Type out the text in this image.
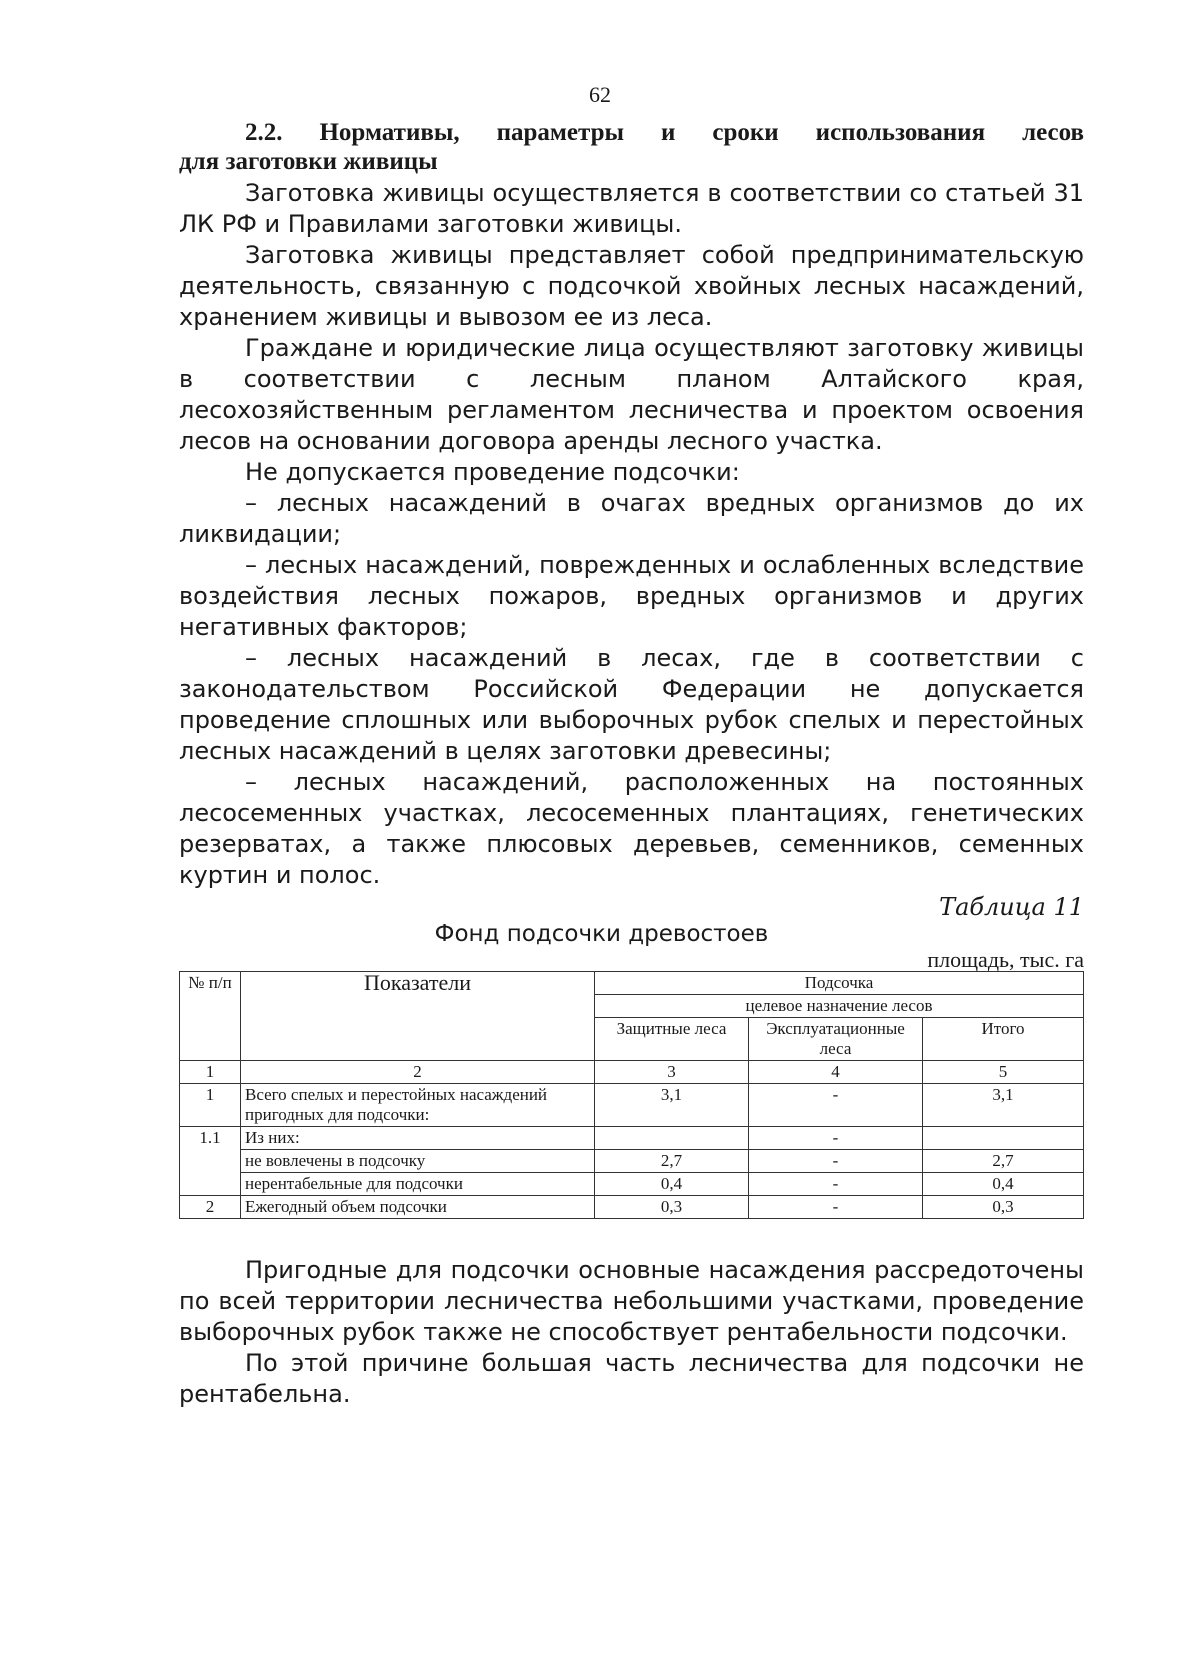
62
2.2. Нормативы, параметры и сроки использования лесов
для заготовки живицы

Заготовка живицы осуществляется в соответствии со статьей 31 ЛК РФ и Правилами заготовки живицы.

Заготовка живицы представляет собой предпринимательскую деятельность, связанную с подсочкой хвойных лесных насаждений, хранением живицы и вывозом ее из леса.

Граждане и юридические лица осуществляют заготовку живицы в соответствии с лесным планом Алтайского края, лесохозяйственным регламентом лесничества и проектом освоения лесов на основании договора аренды лесного участка.

Не допускается проведение подсочки:

– лесных насаждений в очагах вредных организмов до их ликвидации;

– лесных насаждений, поврежденных и ослабленных вследствие воздействия лесных пожаров, вредных организмов и других негативных факторов;

– лесных насаждений в лесах, где в соответствии с законодательством Российской Федерации не допускается проведение сплошных или выборочных рубок спелых и перестойных лесных насаждений в целях заготовки древесины;

– лесных насаждений, расположенных на постоянных лесосеменных участках, лесосеменных плантациях, генетических резерватах, а также плюсовых деревьев, семенников, семенных куртин и полос.

Таблица 11
Фонд подсочки древостоев
площадь, тыс. га
№ п/п	Показатели	Подсочка		
		целевое назначение лесов		
		Защитные леса	Эксплуатационные леса	Итого
1	2	3	4	5
1	Всего спелых и перестойных насаждений пригодных для подсочки:	3,1	-	3,1
1.1	Из них:		-	
	не вовлечены в подсочку	2,7	-	2,7
	нерентабельные для подсочки	0,4	-	0,4
2	Ежегодный объем подсочки	0,3	-	0,3

Пригодные для подсочки основные насаждения рассредоточены по всей территории лесничества небольшими участками, проведение выборочных рубок также не способствует рентабельности подсочки.

По этой причине большая часть лесничества для подсочки не рентабельна.
